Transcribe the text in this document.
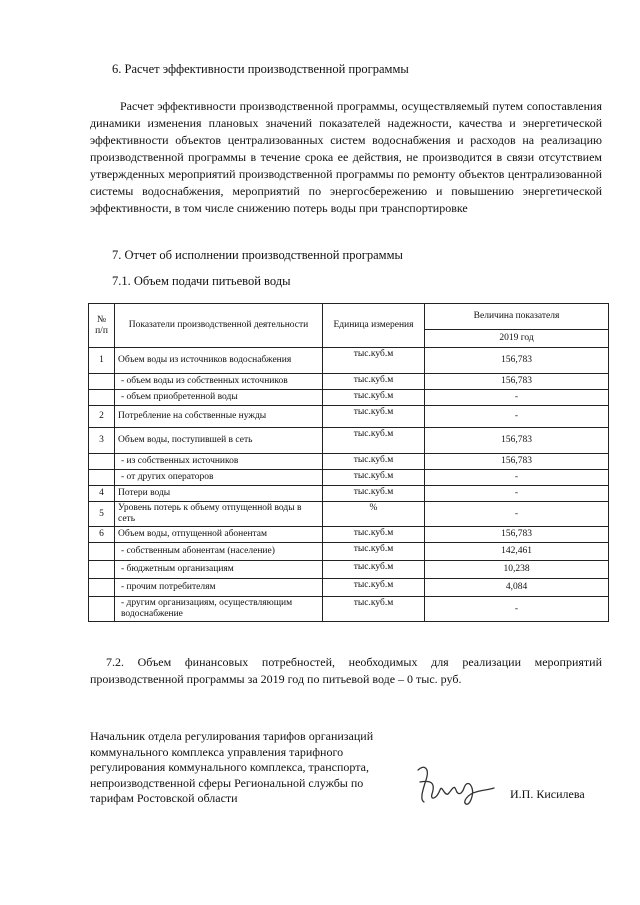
6. Расчет эффективности производственной программы
Расчет эффективности производственной программы, осуществляемый путем сопоставления динамики изменения плановых значений показателей надежности, качества и энергетической эффективности объектов централизованных систем водоснабжения и расходов на реализацию производственной программы в течение срока ее действия, не производится в связи отсутствием утвержденных мероприятий производственной программы по ремонту объектов централизованной системы водоснабжения, мероприятий по энергосбережению и повышению энергетической эффективности, в том числе снижению потерь воды при транспортировке
7. Отчет об исполнении производственной программы
7.1. Объем подачи питьевой воды
№ п/п	Показатели производственной деятельности	Единица измерения	Величина показателя
			2019 год
1	Объем воды из источников водоснабжения	тыс.куб.м	156,783
	- объем воды из собственных источников	тыс.куб.м	156,783
	- объем приобретенной воды	тыс.куб.м	-
2	Потребление на собственные нужды	тыс.куб.м	-
3	Объем воды, поступившей в сеть	тыс.куб.м	156,783
	- из собственных источников	тыс.куб.м	156,783
	- от других операторов	тыс.куб.м	-
4	Потери воды	тыс.куб.м	-
5	Уровень потерь к объему отпущенной воды в сеть	%	-
6	Объем воды, отпущенной абонентам	тыс.куб.м	156,783
	- собственным абонентам (население)	тыс.куб.м	142,461
	- бюджетным организациям	тыс.куб.м	10,238
	- прочим потребителям	тыс.куб.м	4,084
	- другим организациям, осуществляющим водоснабжение	тыс.куб.м	-
7.2. Объем финансовых потребностей, необходимых для реализации мероприятий производственной программы за 2019 год по питьевой воде – 0 тыс. руб.
Начальник отдела регулирования тарифов организаций коммунального комплекса управления тарифного регулирования коммунального комплекса, транспорта, непроизводственной сферы Региональной службы по тарифам Ростовской области	И.П. Кисилева
